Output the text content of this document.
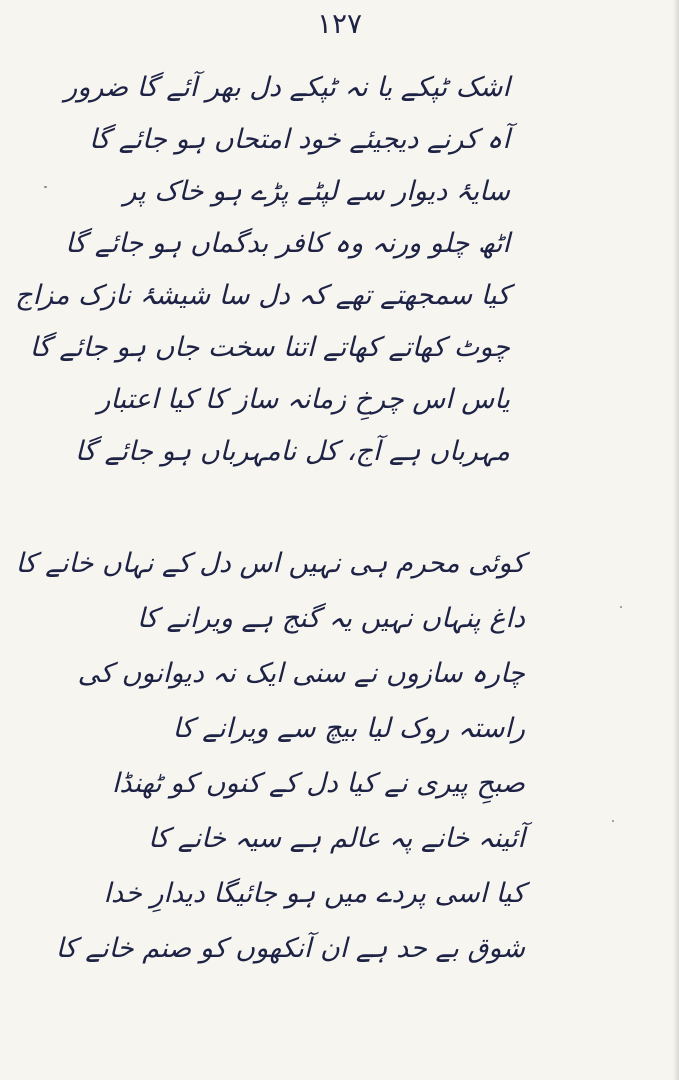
۱۲۷
اشک ٹپکے یا نہ ٹپکے دل بھر آئے گا ضرور
آہ کرنے دیجیئے خود امتحاں ہو جائے گا
سایۂ دیوار سے لپٹے پڑے ہو خاک پر
اٹھ چلو ورنہ وہ کافر بدگماں ہو جائے گا
کیا سمجھتے تھے کہ دل سا شیشۂ نازک مزاج
چوٹ کھاتے کھاتے اتنا سخت جاں ہو جائے گا
یاس اس چرخِ زمانہ ساز کا کیا اعتبار
مہرباں ہے آج، کل نامہرباں ہو جائے گا
کوئی محرم ہی نہیں اس دل کے نہاں خانے کا
داغ پنہاں نہیں یہ گنج ہے ویرانے کا
چارہ سازوں نے سنی ایک نہ دیوانوں کی
راستہ روک لیا بیچ سے ویرانے کا
صبحِ پیری نے کیا دل کے کنوں کو ٹھنڈا
آئینہ خانے پہ عالم ہے سیہ خانے کا
کیا اسی پردے میں ہو جائیگا دیدارِ خدا
شوق بے حد ہے ان آنکھوں کو صنم خانے کا
